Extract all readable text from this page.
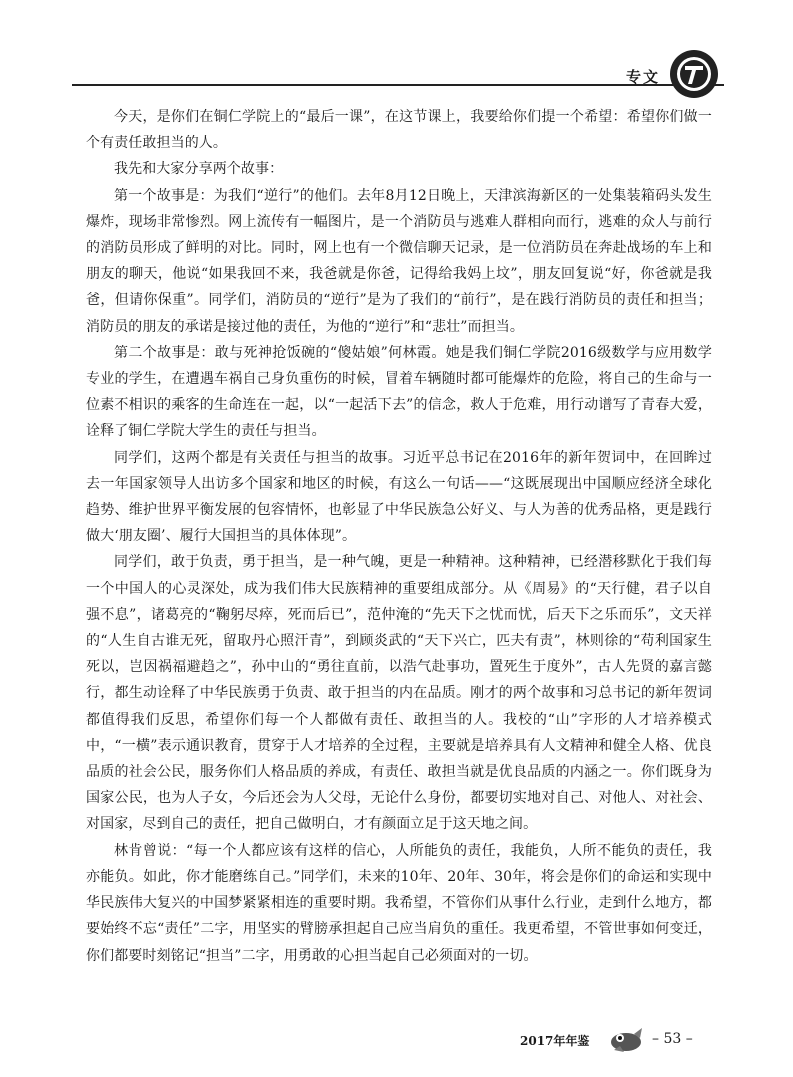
专文

今天，是你们在铜仁学院上的“最后一课”，在这节课上，我要给你们提一个希望：希望你们做一个有责任敢担当的人。

我先和大家分享两个故事：

第一个故事是：为我们“逆行”的他们。去年8月12日晚上，天津滨海新区的一处集装箱码头发生爆炸，现场非常惨烈。网上流传有一幅图片，是一个消防员与逃难人群相向而行，逃难的众人与前行的消防员形成了鲜明的对比。同时，网上也有一个微信聊天记录，是一位消防员在奔赴战场的车上和朋友的聊天，他说“如果我回不来，我爸就是你爸，记得给我妈上坟”，朋友回复说“好，你爸就是我爸，但请你保重”。同学们，消防员的“逆行”是为了我们的“前行”，是在践行消防员的责任和担当；消防员的朋友的承诺是接过他的责任，为他的“逆行”和“悲壮”而担当。

第二个故事是：敢与死神抢饭碗的“傻姑娘”何林霞。她是我们铜仁学院2016级数学与应用数学专业的学生，在遭遇车祸自己身负重伤的时候，冒着车辆随时都可能爆炸的危险，将自己的生命与一位素不相识的乘客的生命连在一起，以“一起活下去”的信念，救人于危难，用行动谱写了青春大爱，诠释了铜仁学院大学生的责任与担当。

同学们，这两个都是有关责任与担当的故事。习近平总书记在2016年的新年贺词中，在回眸过去一年国家领导人出访多个国家和地区的时候，有这么一句话——“这既展现出中国顺应经济全球化趋势、维护世界平衡发展的包容情怀，也彰显了中华民族急公好义、与人为善的优秀品格，更是践行做大‘朋友圈’、履行大国担当的具体体现”。

同学们，敢于负责，勇于担当，是一种气魄，更是一种精神。这种精神，已经潜移默化于我们每一个中国人的心灵深处，成为我们伟大民族精神的重要组成部分。从《周易》的“天行健，君子以自强不息”，诸葛亮的“鞠躬尽瘁，死而后已”，范仲淹的“先天下之忧而忧，后天下之乐而乐”，文天祥的“人生自古谁无死，留取丹心照汗青”，到顾炎武的“天下兴亡，匹夫有责”，林则徐的“苟利国家生死以，岂因祸福避趋之”，孙中山的“勇往直前，以浩气赴事功，置死生于度外”，古人先贤的嘉言懿行，都生动诠释了中华民族勇于负责、敢于担当的内在品质。刚才的两个故事和习总书记的新年贺词都值得我们反思，希望你们每一个人都做有责任、敢担当的人。我校的“山”字形的人才培养模式中，“一横”表示通识教育，贯穿于人才培养的全过程，主要就是培养具有人文精神和健全人格、优良品质的社会公民，服务你们人格品质的养成，有责任、敢担当就是优良品质的内涵之一。你们既身为国家公民，也为人子女，今后还会为人父母，无论什么身份，都要切实地对自己、对他人、对社会、对国家，尽到自己的责任，把自己做明白，才有颜面立足于这天地之间。

林肯曾说：“每一个人都应该有这样的信心，人所能负的责任，我能负，人所不能负的责任，我亦能负。如此，你才能磨练自己。”同学们，未来的10年、20年、30年，将会是你们的命运和实现中华民族伟大复兴的中国梦紧紧相连的重要时期。我希望，不管你们从事什么行业，走到什么地方，都要始终不忘“责任”二字，用坚实的臂膀承担起自己应当肩负的重任。我更希望，不管世事如何变迁，你们都要时刻铭记“担当”二字，用勇敢的心担当起自己必须面对的一切。

2017年年鉴	– 53 –
